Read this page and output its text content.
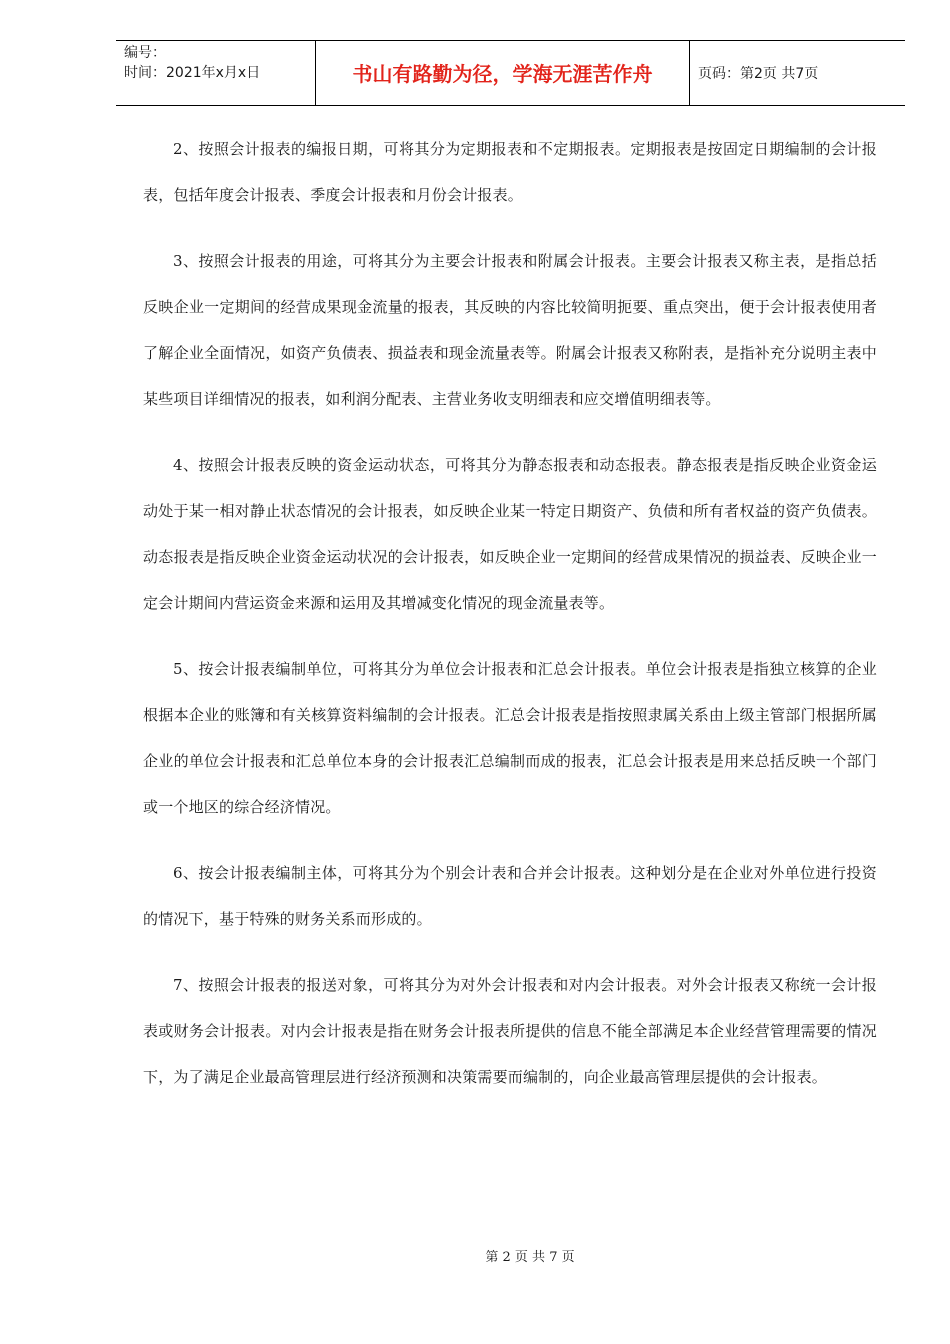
编号：
时间：2021年x月x日	书山有路勤为径，学海无涯苦作舟	页码：第2页 共7页

2、按照会计报表的编报日期，可将其分为定期报表和不定期报表。定期报表是按固定日期编制的会计报表，包括年度会计报表、季度会计报表和月份会计报表。

3、按照会计报表的用途，可将其分为主要会计报表和附属会计报表。主要会计报表又称主表，是指总括反映企业一定期间的经营成果现金流量的报表，其反映的内容比较简明扼要、重点突出，便于会计报表使用者了解企业全面情况，如资产负债表、损益表和现金流量表等。附属会计报表又称附表，是指补充分说明主表中某些项目详细情况的报表，如利润分配表、主营业务收支明细表和应交增值明细表等。

4、按照会计报表反映的资金运动状态，可将其分为静态报表和动态报表。静态报表是指反映企业资金运动处于某一相对静止状态情况的会计报表，如反映企业某一特定日期资产、负债和所有者权益的资产负债表。动态报表是指反映企业资金运动状况的会计报表，如反映企业一定期间的经营成果情况的损益表、反映企业一定会计期间内营运资金来源和运用及其增减变化情况的现金流量表等。

5、按会计报表编制单位，可将其分为单位会计报表和汇总会计报表。单位会计报表是指独立核算的企业根据本企业的账簿和有关核算资料编制的会计报表。汇总会计报表是指按照隶属关系由上级主管部门根据所属企业的单位会计报表和汇总单位本身的会计报表汇总编制而成的报表，汇总会计报表是用来总括反映一个部门或一个地区的综合经济情况。

6、按会计报表编制主体，可将其分为个别会计表和合并会计报表。这种划分是在企业对外单位进行投资的情况下，基于特殊的财务关系而形成的。

7、按照会计报表的报送对象，可将其分为对外会计报表和对内会计报表。对外会计报表又称统一会计报表或财务会计报表。对内会计报表是指在财务会计报表所提供的信息不能全部满足本企业经营管理需要的情况下，为了满足企业最高管理层进行经济预测和决策需要而编制的，向企业最高管理层提供的会计报表。

第 2 页 共 7 页
